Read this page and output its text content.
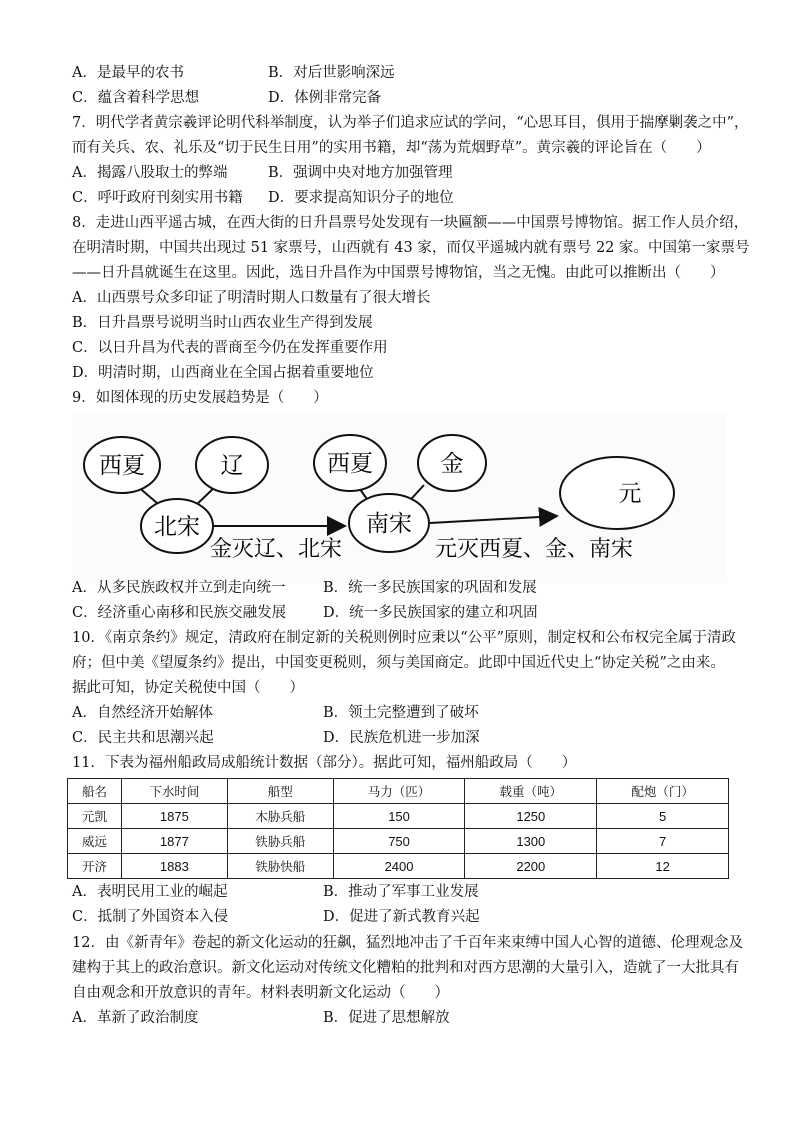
A．是最早的农书	B．对后世影响深远
C．蕴含着科学思想	D．体例非常完备
7．明代学者黄宗羲评论明代科举制度，认为举子们追求应试的学问，“心思耳目，俱用于揣摩剿袭之中”，
而有关兵、农、礼乐及“切于民生日用”的实用书籍，却“荡为荒烟野草”。黄宗羲的评论旨在（　　）
A．揭露八股取士的弊端	B．强调中央对地方加强管理
C．呼吁政府刊刻实用书籍 D．要求提高知识分子的地位
8．走进山西平遥古城，在西大街的日升昌票号处发现有一块匾额——中国票号博物馆。据工作人员介绍，
在明清时期，中国共出现过 51 家票号，山西就有 43 家，而仅平遥城内就有票号 22 家。中国第一家票号
——日升昌就诞生在这里。因此，选日升昌作为中国票号博物馆，当之无愧。由此可以推断出（　　）
A．山西票号众多印证了明清时期人口数量有了很大增长
B．日升昌票号说明当时山西农业生产得到发展
C．以日升昌为代表的晋商至今仍在发挥重要作用
D．明清时期，山西商业在全国占据着重要地位
9．如图体现的历史发展趋势是（　　）
西夏	辽
北宋
西夏	金
南宋
元
金灭辽、北宋	元灭西夏、金、南宋
A．从多民族政权并立到走向统一	B．统一多民族国家的巩固和发展
C．经济重心南移和民族交融发展	D．统一多民族国家的建立和巩固
10．《南京条约》规定，清政府在制定新的关税则例时应秉以“公平”原则，制定权和公布权完全属于清政
府；但中美《望厦条约》提出，中国变更税则，须与美国商定。此即中国近代史上“协定关税”之由来。
据此可知，协定关税使中国（　　）
A．自然经济开始解体	B．领土完整遭到了破坏
C．民主共和思潮兴起	D．民族危机进一步加深
11．下表为福州船政局成船统计数据（部分）。据此可知，福州船政局（　　）
船名	下水时间	船型	马力（匹）	载重（吨）	配炮（门）
元凯	1875	木胁兵船	150	1250	5
威远	1877	铁胁兵船	750	1300	7
开济	1883	铁胁快船	2400	2200	12
A．表明民用工业的崛起	B．推动了军事工业发展
C．抵制了外国资本入侵	D．促进了新式教育兴起
12．由《新青年》卷起的新文化运动的狂飙，猛烈地冲击了千百年来束缚中国人心智的道德、伦理观念及
建构于其上的政治意识。新文化运动对传统文化糟粕的批判和对西方思潮的大量引入，造就了一大批具有
自由观念和开放意识的青年。材料表明新文化运动（　　）
A．革新了政治制度	B．促进了思想解放
